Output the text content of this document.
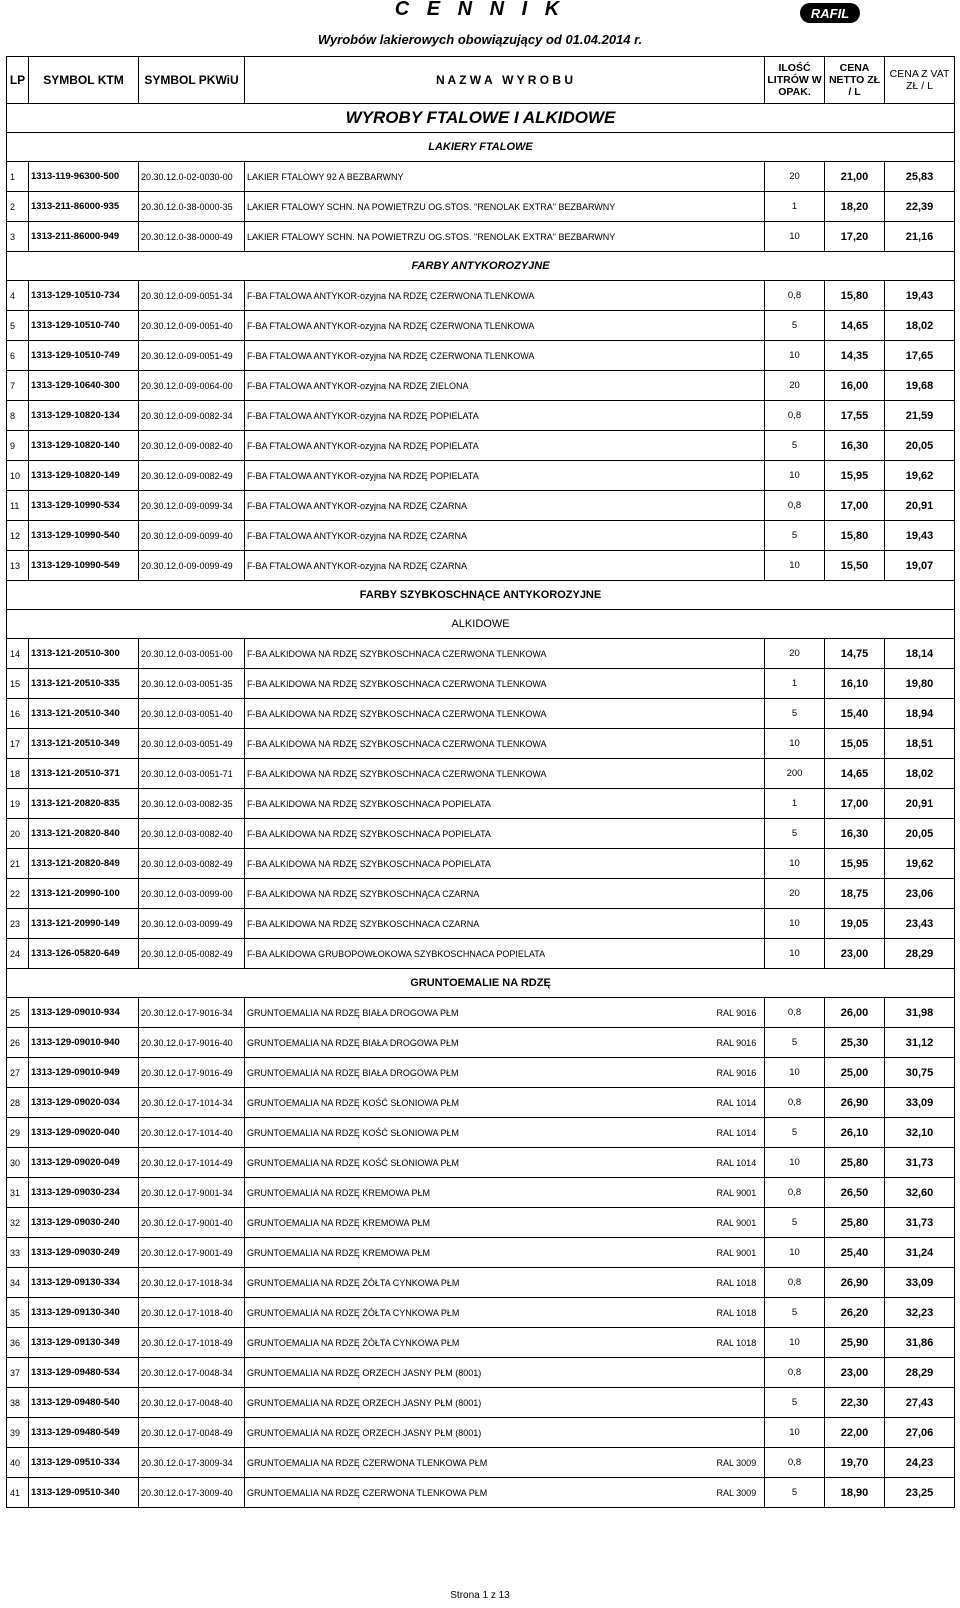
C E N N I K
Wyrobów lakierowych obowiązujący od 01.04.2014 r.
RAFIL
LP	SYMBOL KTM	SYMBOL PKWiU	N A Z W A   W Y R O B U		ILOŚĆ LITRÓW W OPAK.	CENA NETTO ZŁ / L	CENA Z VAT ZŁ / L
WYROBY FTALOWE I ALKIDOWE							
LAKIERY FTALOWE							
1	1313-119-96300-500	20.30.12.0-02-0030-00	LAKIER FTALOWY 92 A BEZBARWNY		20	21,00	25,83
2	1313-211-86000-935	20.30.12.0-38-0000-35	LAKIER FTALOWY SCHN. NA POWIETRZU OG.STOS. "RENOLAK EXTRA" BEZBARWNY		1	18,20	22,39
3	1313-211-86000-949	20.30.12.0-38-0000-49	LAKIER FTALOWY SCHN. NA POWIETRZU OG.STOS. "RENOLAK EXTRA" BEZBARWNY		10	17,20	21,16
FARBY ANTYKOROZYJNE							
4	1313-129-10510-734	20.30.12.0-09-0051-34	F-BA FTALOWA ANTYKOR-ozyjna NA RDZĘ CZERWONA TLENKOWA		0,8	15,80	19,43
5	1313-129-10510-740	20.30.12.0-09-0051-40	F-BA FTALOWA ANTYKOR-ozyjna NA RDZĘ CZERWONA TLENKOWA		5	14,65	18,02
6	1313-129-10510-749	20.30.12.0-09-0051-49	F-BA FTALOWA ANTYKOR-ozyjna NA RDZĘ CZERWONA TLENKOWA		10	14,35	17,65
7	1313-129-10640-300	20.30.12.0-09-0064-00	F-BA FTALOWA ANTYKOR-ozyjna NA RDZĘ ZIELONA		20	16,00	19,68
8	1313-129-10820-134	20.30.12.0-09-0082-34	F-BA FTALOWA ANTYKOR-ozyjna NA RDZĘ POPIELATA		0,8	17,55	21,59
9	1313-129-10820-140	20.30.12.0-09-0082-40	F-BA FTALOWA ANTYKOR-ozyjna NA RDZĘ POPIELATA		5	16,30	20,05
10	1313-129-10820-149	20.30.12.0-09-0082-49	F-BA FTALOWA ANTYKOR-ozyjna NA RDZĘ POPIELATA		10	15,95	19,62
11	1313-129-10990-534	20.30.12.0-09-0099-34	F-BA FTALOWA ANTYKOR-ozyjna NA RDZĘ CZARNA		0,8	17,00	20,91
12	1313-129-10990-540	20.30.12.0-09-0099-40	F-BA FTALOWA ANTYKOR-ozyjna NA RDZĘ CZARNA		5	15,80	19,43
13	1313-129-10990-549	20.30.12.0-09-0099-49	F-BA FTALOWA ANTYKOR-ozyjna NA RDZĘ CZARNA		10	15,50	19,07
FARBY SZYBKOSCHNĄCE ANTYKOROZYJNE							
ALKIDOWE							
14	1313-121-20510-300	20.30.12.0-03-0051-00	F-BA ALKIDOWA NA RDZĘ SZYBKOSCHNACA CZERWONA TLENKOWA		20	14,75	18,14
15	1313-121-20510-335	20.30.12.0-03-0051-35	F-BA ALKIDOWA NA RDZĘ SZYBKOSCHNACA CZERWONA TLENKOWA		1	16,10	19,80
16	1313-121-20510-340	20.30.12.0-03-0051-40	F-BA ALKIDOWA NA RDZĘ SZYBKOSCHNACA CZERWONA TLENKOWA		5	15,40	18,94
17	1313-121-20510-349	20.30.12.0-03-0051-49	F-BA ALKIDOWA NA RDZĘ SZYBKOSCHNACA CZERWONA TLENKOWA		10	15,05	18,51
18	1313-121-20510-371	20.30.12.0-03-0051-71	F-BA ALKIDOWA NA RDZĘ SZYBKOSCHNACA CZERWONA TLENKOWA		200	14,65	18,02
19	1313-121-20820-835	20.30.12.0-03-0082-35	F-BA ALKIDOWA NA RDZĘ SZYBKOSCHNACA POPIELATA		1	17,00	20,91
20	1313-121-20820-840	20.30.12.0-03-0082-40	F-BA ALKIDOWA NA RDZĘ SZYBKOSCHNACA POPIELATA		5	16,30	20,05
21	1313-121-20820-849	20.30.12.0-03-0082-49	F-BA ALKIDOWA NA RDZĘ SZYBKOSCHNACA POPIELATA		10	15,95	19,62
22	1313-121-20990-100	20.30.12.0-03-0099-00	F-BA ALKIDOWA NA RDZĘ SZYBKOSCHNĄCA CZARNA		20	18,75	23,06
23	1313-121-20990-149	20.30.12.0-03-0099-49	F-BA ALKIDOWA NA RDZĘ SZYBKOSCHNACA CZARNA		10	19,05	23,43
24	1313-126-05820-649	20.30.12.0-05-0082-49	F-BA ALKIDOWA GRUBOPOWŁOKOWA SZYBKOSCHNACA POPIELATA		10	23,00	28,29
GRUNTOEMALIE NA RDZĘ							
25	1313-129-09010-934	20.30.12.0-17-9016-34	GRUNTOEMALIA NA RDZĘ BIAŁA DROGOWA PŁM	RAL 9016	0,8	26,00	31,98
26	1313-129-09010-940	20.30.12.0-17-9016-40	GRUNTOEMALIA NA RDZĘ BIAŁA DROGOWA PŁM	RAL 9016	5	25,30	31,12
27	1313-129-09010-949	20.30.12.0-17-9016-49	GRUNTOEMALIA NA RDZĘ BIAŁA DROGOWA PŁM	RAL 9016	10	25,00	30,75
28	1313-129-09020-034	20.30.12.0-17-1014-34	GRUNTOEMALIA NA RDZĘ KOŚĆ SŁONIOWA PŁM	RAL 1014	0,8	26,90	33,09
29	1313-129-09020-040	20.30.12.0-17-1014-40	GRUNTOEMALIA NA RDZĘ KOŚĆ SŁONIOWA PŁM	RAL 1014	5	26,10	32,10
30	1313-129-09020-049	20.30.12.0-17-1014-49	GRUNTOEMALIA NA RDZĘ KOŚĆ SŁONIOWA PŁM	RAL 1014	10	25,80	31,73
31	1313-129-09030-234	20.30.12.0-17-9001-34	GRUNTOEMALIA NA RDZĘ KREMOWA PŁM	RAL 9001	0,8	26,50	32,60
32	1313-129-09030-240	20.30.12.0-17-9001-40	GRUNTOEMALIA NA RDZĘ KREMOWA PŁM	RAL 9001	5	25,80	31,73
33	1313-129-09030-249	20.30.12.0-17-9001-49	GRUNTOEMALIA NA RDZĘ KREMOWA PŁM	RAL 9001	10	25,40	31,24
34	1313-129-09130-334	20.30.12.0-17-1018-34	GRUNTOEMALIA NA RDZĘ ŻÓŁTA CYNKOWA PŁM	RAL 1018	0,8	26,90	33,09
35	1313-129-09130-340	20.30.12.0-17-1018-40	GRUNTOEMALIA NA RDZĘ ŻÓŁTA CYNKOWA PŁM	RAL 1018	5	26,20	32,23
36	1313-129-09130-349	20.30.12.0-17-1018-49	GRUNTOEMALIA NA RDZĘ ŻÓŁTA CYNKOWA PŁM	RAL 1018	10	25,90	31,86
37	1313-129-09480-534	20.30.12.0-17-0048-34	GRUNTOEMALIA NA RDZĘ ORZECH JASNY PŁM (8001)		0,8	23,00	28,29
38	1313-129-09480-540	20.30.12.0-17-0048-40	GRUNTOEMALIA NA RDZĘ ORZECH JASNY PŁM (8001)		5	22,30	27,43
39	1313-129-09480-549	20.30.12.0-17-0048-49	GRUNTOEMALIA NA RDZĘ ORZECH JASNY PŁM (8001)		10	22,00	27,06
40	1313-129-09510-334	20.30.12.0-17-3009-34	GRUNTOEMALIA NA RDZĘ CZERWONA TLENKOWA PŁM	RAL 3009	0,8	19,70	24,23
41	1313-129-09510-340	20.30.12.0-17-3009-40	GRUNTOEMALIA NA RDZĘ CZERWONA TLENKOWA PŁM	RAL 3009	5	18,90	23,25
Strona 1 z 13
